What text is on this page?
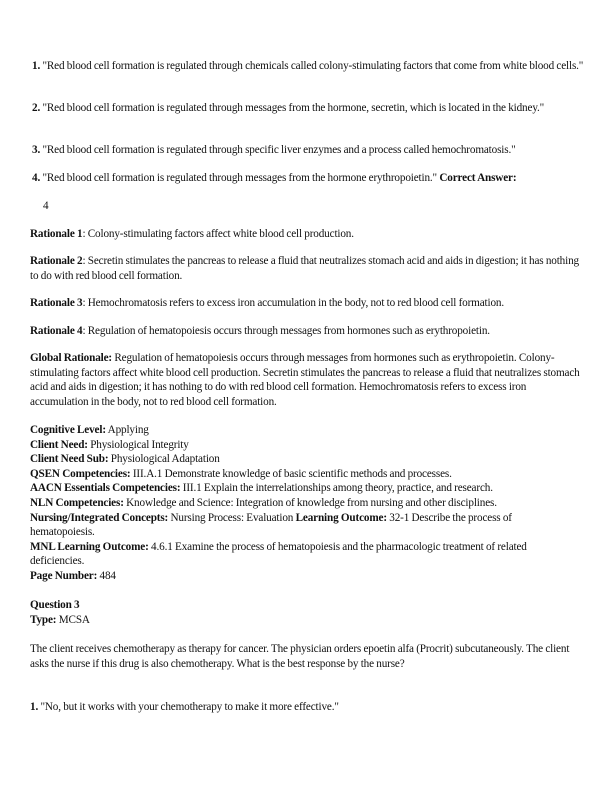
1. "Red blood cell formation is regulated through chemicals called colony-stimulating factors that come from white blood cells."
2. "Red blood cell formation is regulated through messages from the hormone, secretin, which is located in the kidney."
3. "Red blood cell formation is regulated through specific liver enzymes and a process called hemochromatosis."
4. "Red blood cell formation is regulated through messages from the hormone erythropoietin." Correct Answer:
4
Rationale 1: Colony-stimulating factors affect white blood cell production.
Rationale 2: Secretin stimulates the pancreas to release a fluid that neutralizes stomach acid and aids in digestion; it has nothing to do with red blood cell formation.
Rationale 3: Hemochromatosis refers to excess iron accumulation in the body, not to red blood cell formation.
Rationale 4: Regulation of hematopoiesis occurs through messages from hormones such as erythropoietin.
Global Rationale: Regulation of hematopoiesis occurs through messages from hormones such as erythropoietin. Colony-stimulating factors affect white blood cell production. Secretin stimulates the pancreas to release a fluid that neutralizes stomach acid and aids in digestion; it has nothing to do with red blood cell formation. Hemochromatosis refers to excess iron accumulation in the body, not to red blood cell formation.
Cognitive Level: Applying
Client Need: Physiological Integrity
Client Need Sub: Physiological Adaptation
QSEN Competencies: III.A.1 Demonstrate knowledge of basic scientific methods and processes.
AACN Essentials Competencies: III.1 Explain the interrelationships among theory, practice, and research.
NLN Competencies: Knowledge and Science: Integration of knowledge from nursing and other disciplines.
Nursing/Integrated Concepts: Nursing Process: Evaluation Learning Outcome: 32-1 Describe the process of hematopoiesis.
MNL Learning Outcome: 4.6.1 Examine the process of hematopoiesis and the pharmacologic treatment of related deficiencies.
Page Number: 484
Question 3
Type: MCSA
The client receives chemotherapy as therapy for cancer. The physician orders epoetin alfa (Procrit) subcutaneously. The client asks the nurse if this drug is also chemotherapy. What is the best response by the nurse?
1. "No, but it works with your chemotherapy to make it more effective."
